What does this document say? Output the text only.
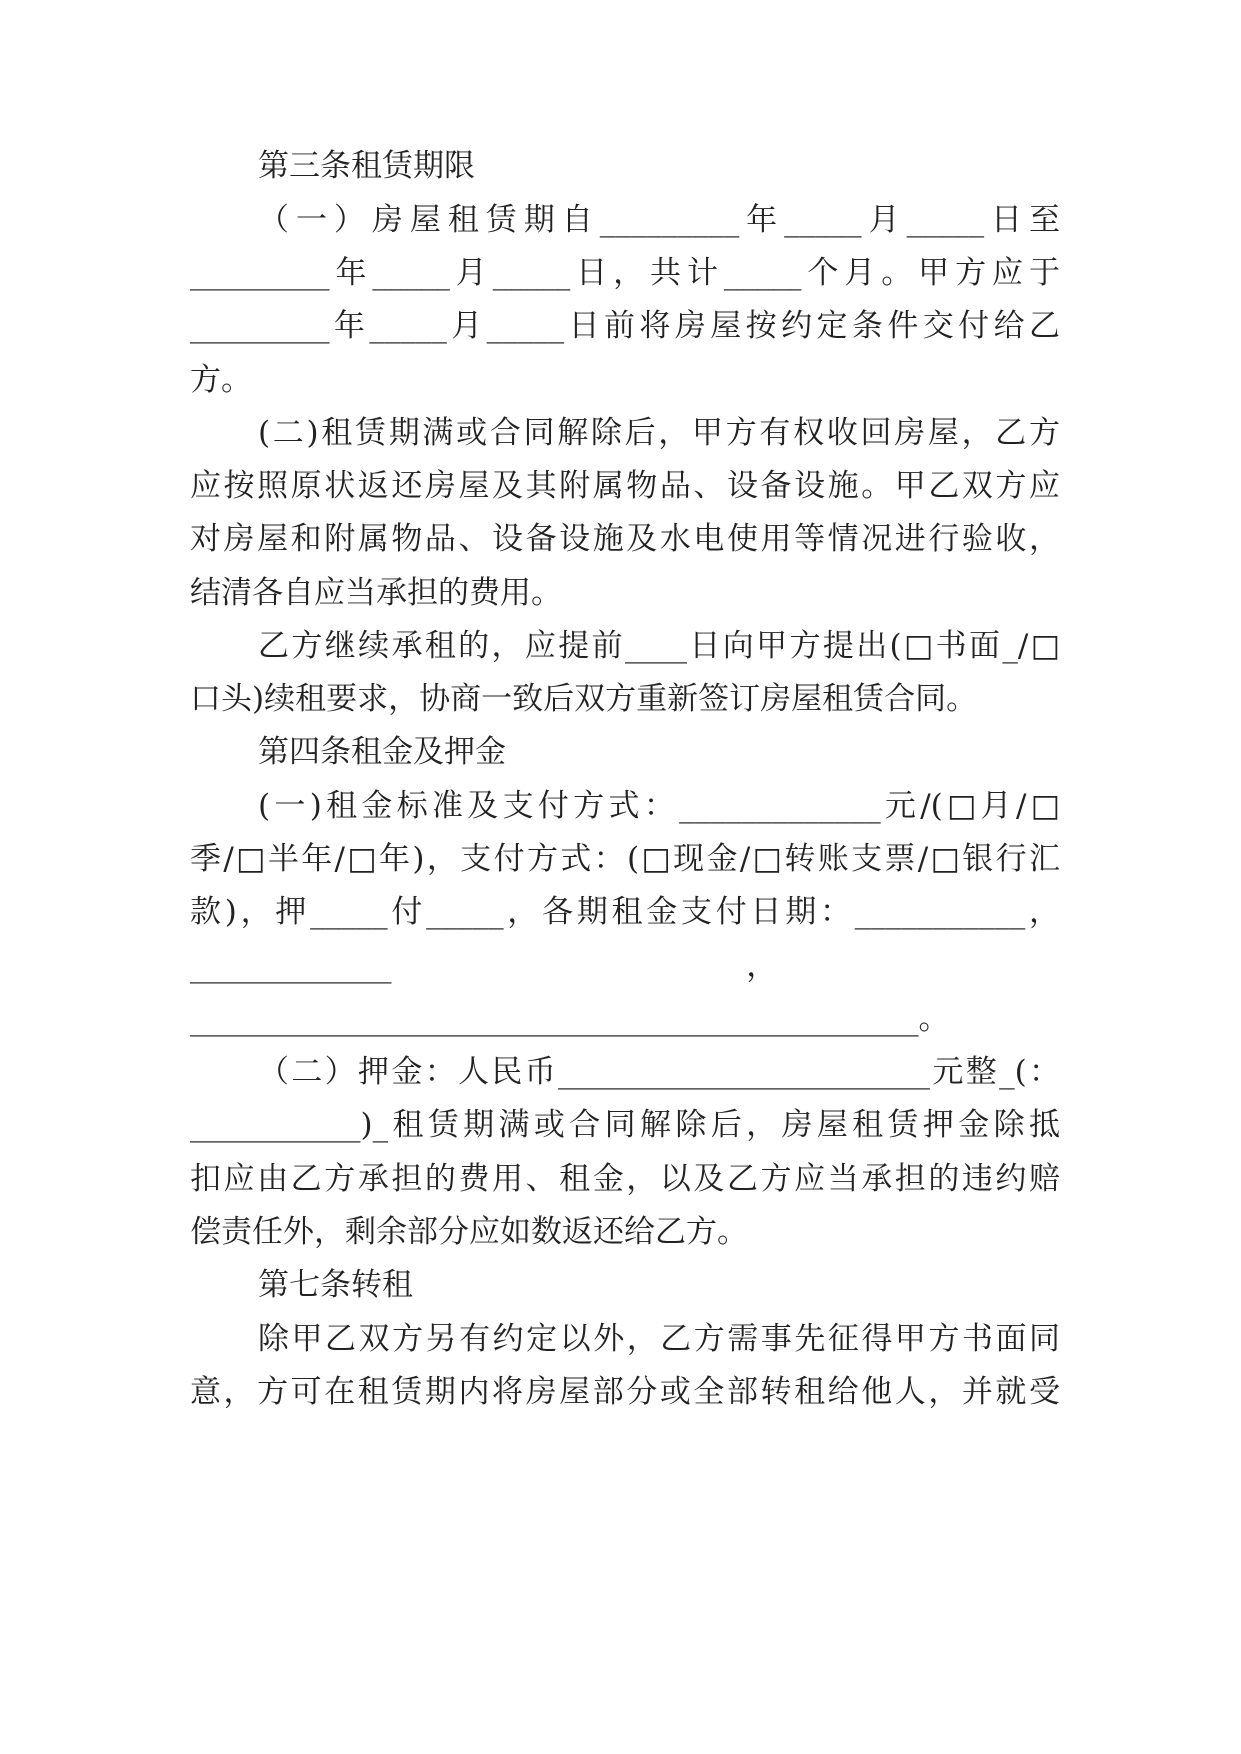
第三条租赁期限
（一）房屋租赁期自_________年_____月_____日至
_________年_____月_____日，共计_____个月。甲方应于
_________年_____月_____日前将房屋按约定条件交付给乙
方。
(二)租赁期满或合同解除后，甲方有权收回房屋，乙方
应按照原状返还房屋及其附属物品、设备设施。甲乙双方应
对房屋和附属物品、设备设施及水电使用等情况进行验收，
结清各自应当承担的费用。
乙方继续承租的，应提前____日向甲方提出(□书面_/□
口头)续租要求，协商一致后双方重新签订房屋租赁合同。
第四条租金及押金
(一)租金标准及支付方式：_____________元/(□月/□
季/□半年/□年)，支付方式：(□现金/□转账支票/□银行汇
款)，押_____付_____，各期租金支付日期：___________，
_____________                                    ，
_______________________________________________。
（二）押金：人民币________________________元整_(：
___________)_租赁期满或合同解除后，房屋租赁押金除抵
扣应由乙方承担的费用、租金，以及乙方应当承担的违约赔
偿责任外，剩余部分应如数返还给乙方。
第七条转租
除甲乙双方另有约定以外，乙方需事先征得甲方书面同
意，方可在租赁期内将房屋部分或全部转租给他人，并就受
